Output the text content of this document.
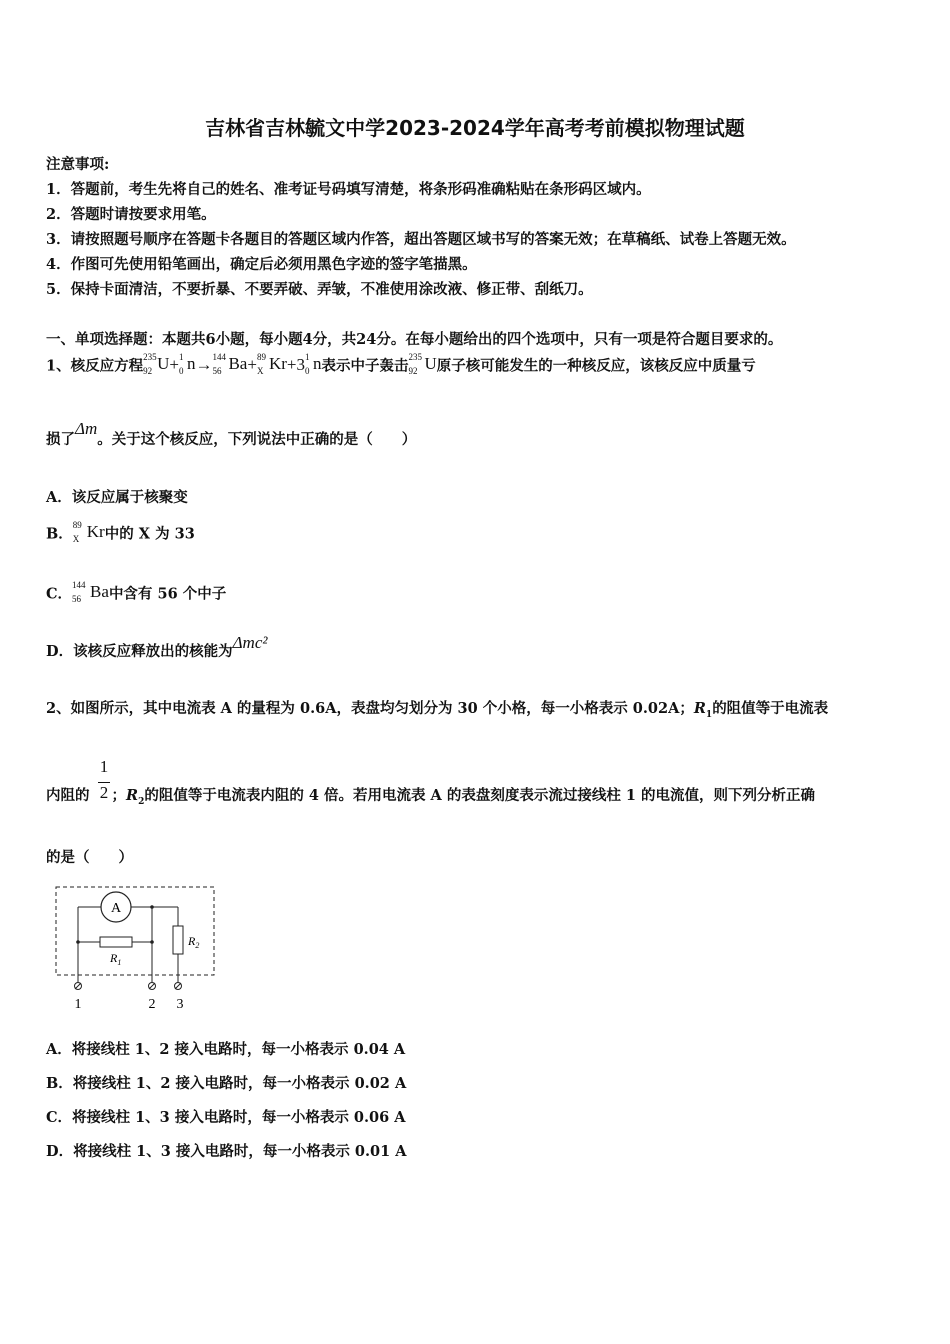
吉林省吉林毓文中学2023-2024学年高考考前模拟物理试题
注意事项:
1．答题前，考生先将自己的姓名、准考证号码填写清楚，将条形码准确粘贴在条形码区域内。
2．答题时请按要求用笔。
3．请按照题号顺序在答题卡各题目的答题区域内作答，超出答题区域书写的答案无效；在草稿纸、试卷上答题无效。
4．作图可先使用铅笔画出，确定后必须用黑色字迹的签字笔描黑。
5．保持卡面清洁，不要折暴、不要弄破、弄皱，不准使用涂改液、修正带、刮纸刀。
一、单项选择题：本题共6小题，每小题4分，共24分。在每小题给出的四个选项中，只有一项是符合题目要求的。
1、核反应方程
235
92 U+ 1
0 n→ 144
56 Ba+ 89
X Kr+3 1
0 n表示中子轰击
235
92 U原子核可能发生的一种核反应，该核反应中质量亏
损了Δm。关于这个核反应，下列说法中正确的是（　　）
A．该反应属于核聚变
B．
89
X Kr中的 X 为 33
C．
144
56 Ba中含有 56 个中子
D．该核反应释放出的核能为Δmc²
2、如图所示，其中电流表 A 的量程为 0.6A，表盘均匀划分为 30 个小格，每一小格表示 0.02A；$R_1$的阻值等于电流表
1
2
内阻的 ；$R_2$的阻值等于电流表内阻的 4 倍。若用电流表 A 的表盘刻度表示流过接线柱 1 的电流值，则下列分析正确
的是（　　）
A
$R_1$
$R_2$
1	2 3
A．将接线柱 1、2 接入电路时，每一小格表示 0.04 A
B．将接线柱 1、2 接入电路时，每一小格表示 0.02 A
C．将接线柱 1、3 接入电路时，每一小格表示 0.06 A
D．将接线柱 1、3 接入电路时，每一小格表示 0.01 A
